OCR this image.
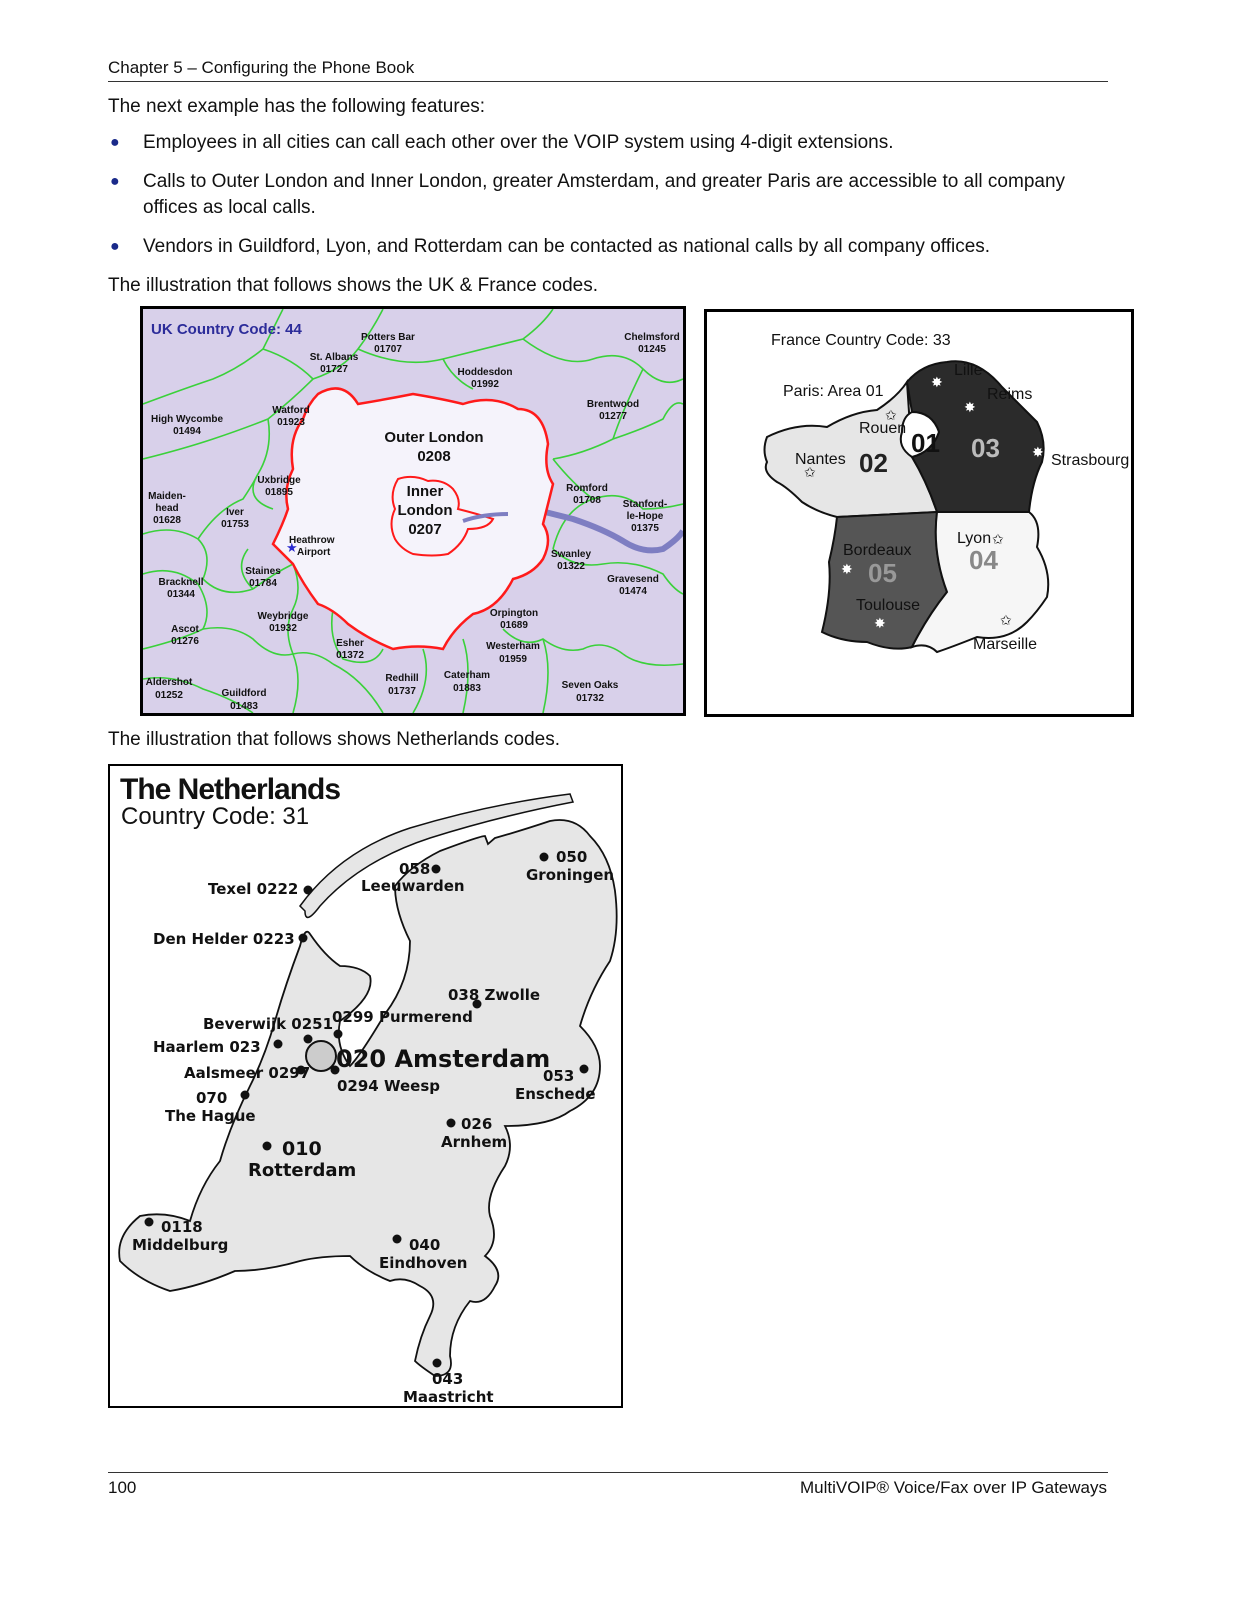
Chapter 5 – Configuring the Phone Book
The next example has the following features:
● Employees in all cities can call each other over the VOIP system using 4-digit extensions.
● Calls to Outer London and Inner London, greater Amsterdam, and greater Paris are accessible to all company offices as local calls.
● Vendors in Guildford, Lyon, and Rotterdam can be contacted as national calls by all company offices.
The illustration that follows shows the UK & France codes.
UK Country Code: 44
Outer London
0208
Inner
London
0207
Potters Bar
01707
Chelmsford
01245
St. Albans
01727	Hoddesdon
01992
High Wycombe
01494
Watford
01923
Brentwood
01277
Uxbridge
01895
Maiden-
head
01628
Iver
01753
Romford
01708 Stanford-
le-Hope
01375
★
Heathrow
Airport	Swanley
01322
Staines
01784
Bracknell
01344
Gravesend
01474
Weybridge
01932
Orpington
01689
Ascot
01276	Esher
01372
Westerham
01959
Aldershot
01252
Redhill
01737
Caterham
01883	Seven Oaks
01732
Guildford
01483
France Country Code: 33
Paris: Area 01
Lille
Reims
Rouen
Nantes	Strasbourg
Lyon
Bordeaux
Toulouse
Marseille
01
02	03
04
05
✸
✸
✸
✸
✸
✩
✩
✩
✩
The illustration that follows shows Netherlands codes.
The Netherlands
Country Code: 31
050
Groningen
058
Leeuwarden
Texel 0222
Den Helder 0223
038 Zwolle
0299 Purmerend
Beverwijk 0251
Haarlem 023	020 Amsterdam
Aalsmeer 0297
0294 Weesp
053
Enschede
070
The Hague	026
Arnhem
010
Rotterdam
0118
Middelburg	040
Eindhoven
043
Maastricht
100	MultiVOIP® Voice/Fax over IP Gateways
